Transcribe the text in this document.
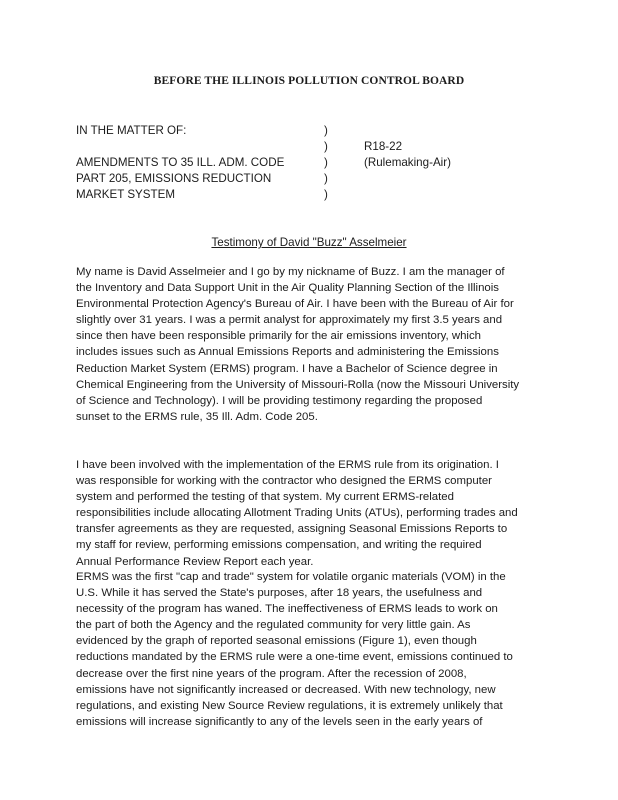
BEFORE THE ILLINOIS POLLUTION CONTROL BOARD
IN THE MATTER OF:
AMENDMENTS TO 35 ILL. ADM. CODE
PART 205, EMISSIONS REDUCTION
MARKET SYSTEM
)
)
)
)
)
R18-22
(Rulemaking-Air)
Testimony of David "Buzz" Asselmeier
My name is David Asselmeier and I go by my nickname of Buzz. I am the manager of
the Inventory and Data Support Unit in the Air Quality Planning Section of the Illinois
Environmental Protection Agency's Bureau of Air. I have been with the Bureau of Air for
slightly over 31 years. I was a permit analyst for approximately my first 3.5 years and
since then have been responsible primarily for the air emissions inventory, which
includes issues such as Annual Emissions Reports and administering the Emissions
Reduction Market System (ERMS) program. I have a Bachelor of Science degree in
Chemical Engineering from the University of Missouri-Rolla (now the Missouri University
of Science and Technology). I will be providing testimony regarding the proposed
sunset to the ERMS rule, 35 Ill. Adm. Code 205.
I have been involved with the implementation of the ERMS rule from its origination. I
was responsible for working with the contractor who designed the ERMS computer
system and performed the testing of that system. My current ERMS-related
responsibilities include allocating Allotment Trading Units (ATUs), performing trades and
transfer agreements as they are requested, assigning Seasonal Emissions Reports to
my staff for review, performing emissions compensation, and writing the required
Annual Performance Review Report each year.
ERMS was the first "cap and trade" system for volatile organic materials (VOM) in the
U.S. While it has served the State's purposes, after 18 years, the usefulness and
necessity of the program has waned. The ineffectiveness of ERMS leads to work on
the part of both the Agency and the regulated community for very little gain. As
evidenced by the graph of reported seasonal emissions (Figure 1), even though
reductions mandated by the ERMS rule were a one-time event, emissions continued to
decrease over the first nine years of the program. After the recession of 2008,
emissions have not significantly increased or decreased. With new technology, new
regulations, and existing New Source Review regulations, it is extremely unlikely that
emissions will increase significantly to any of the levels seen in the early years of
